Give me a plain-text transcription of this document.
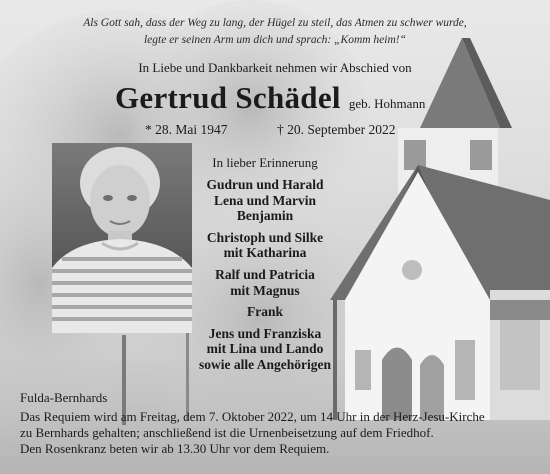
Als Gott sah, dass der Weg zu lang, der Hügel zu steil, das Atmen zu schwer wurde,
legte er seinen Arm um dich und sprach: „Komm heim!“
In Liebe und Dankbarkeit nehmen wir Abschied von
Gertrud Schädel geb. Hohmann
* 28. Mai 1947	† 20. September 2022
In lieber Erinnerung
Gudrun und Harald
Lena und Marvin
Benjamin
Christoph und Silke
mit Katharina
Ralf und Patricia
mit Magnus
Frank
Jens und Franziska
mit Lina und Lando
sowie alle Angehörigen
Fulda-Bernhards
Das Requiem wird am Freitag, dem 7. Oktober 2022, um 14 Uhr in der Herz-Jesu-Kirche
zu Bernhards gehalten; anschließend ist die Urnenbeisetzung auf dem Friedhof.
Den Rosenkranz beten wir ab 13.30 Uhr vor dem Requiem.
